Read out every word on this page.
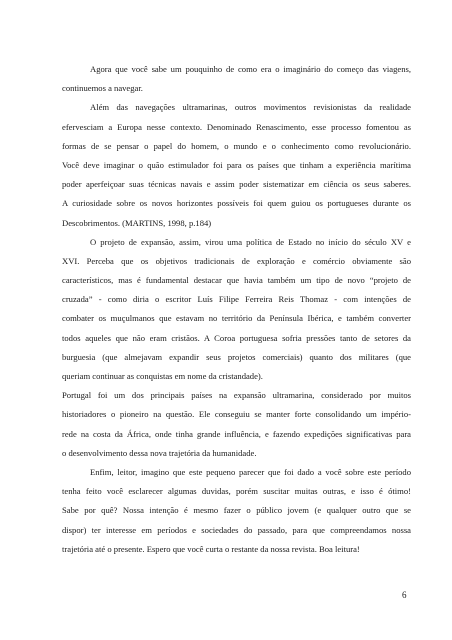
Agora que você sabe um pouquinho de como era o imaginário do começo das viagens,
continuemos a navegar.
Além das navegações ultramarinas, outros movimentos revisionistas da realidade
efervesciam a Europa nesse contexto. Denominado Renascimento, esse processo fomentou as
formas de se pensar o papel do homem, o mundo e o conhecimento como revolucionário.
Você deve imaginar o quão estimulador foi para os países que tinham a experiência marítima
poder aperfeiçoar suas técnicas navais e assim poder sistematizar em ciência os seus saberes.
A curiosidade sobre os novos horizontes possíveis foi quem guiou os portugueses durante os
Descobrimentos. (MARTINS, 1998, p.184)
O projeto de expansão, assim, virou uma política de Estado no início do século XV e
XVI. Perceba que os objetivos tradicionais de exploração e comércio obviamente são
característicos, mas é fundamental destacar que havia também um tipo de novo “projeto de
cruzada” - como diria o escritor Luís Filipe Ferreira Reis Thomaz - com intenções de
combater os muçulmanos que estavam no território da Península Ibérica, e também converter
todos aqueles que não eram cristãos. A Coroa portuguesa sofria pressões tanto de setores da
burguesia (que almejavam expandir seus projetos comerciais) quanto dos militares (que
queriam continuar as conquistas em nome da cristandade).
Portugal foi um dos principais países na expansão ultramarina, considerado por muitos
historiadores o pioneiro na questão. Ele conseguiu se manter forte consolidando um império-
rede na costa da África, onde tinha grande influência, e fazendo expedições significativas para
o desenvolvimento dessa nova trajetória da humanidade.
Enfim, leitor, imagino que este pequeno parecer que foi dado a você sobre este período
tenha feito você esclarecer algumas duvidas, porém suscitar muitas outras, e isso é ótimo!
Sabe por quê? Nossa intenção é mesmo fazer o público jovem (e qualquer outro que se
dispor) ter interesse em períodos e sociedades do passado, para que compreendamos nossa
trajetória até o presente. Espero que você curta o restante da nossa revista. Boa leitura!
6
